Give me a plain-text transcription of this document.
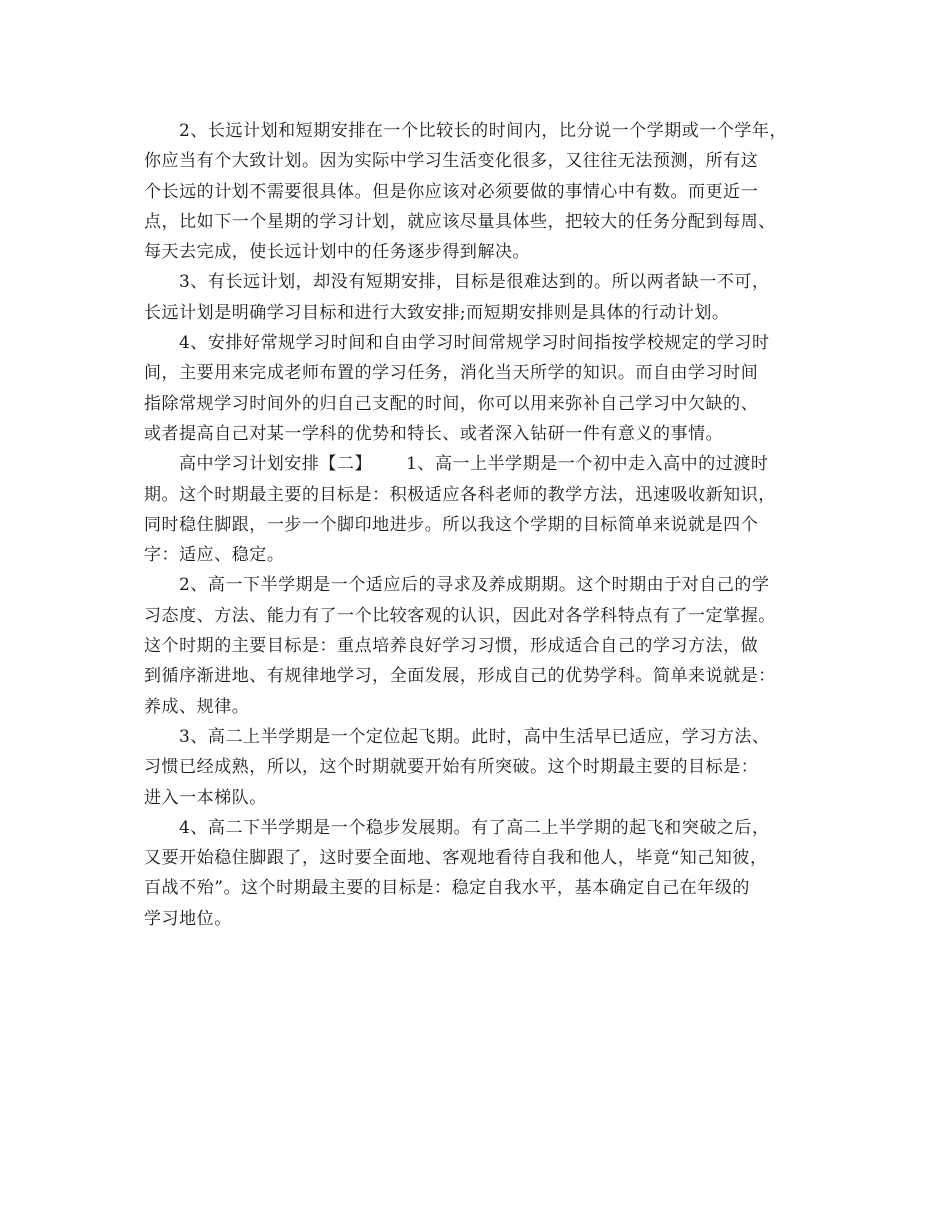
2、长远计划和短期安排在一个比较长的时间内，比分说一个学期或一个学年，
你应当有个大致计划。因为实际中学习生活变化很多，又往往无法预测，所有这
个长远的计划不需要很具体。但是你应该对必须要做的事情心中有数。而更近一
点，比如下一个星期的学习计划，就应该尽量具体些，把较大的任务分配到每周、
每天去完成，使长远计划中的任务逐步得到解决。
3、有长远计划，却没有短期安排，目标是很难达到的。所以两者缺一不可，
长远计划是明确学习目标和进行大致安排;而短期安排则是具体的行动计划。
4、安排好常规学习时间和自由学习时间常规学习时间指按学校规定的学习时
间，主要用来完成老师布置的学习任务，消化当天所学的知识。而自由学习时间
指除常规学习时间外的归自己支配的时间，你可以用来弥补自己学习中欠缺的、
或者提高自己对某一学科的优势和特长、或者深入钻研一件有意义的事情。
高中学习计划安排【二】 1、高一上半学期是一个初中走入高中的过渡时
期。这个时期最主要的目标是：积极适应各科老师的教学方法，迅速吸收新知识，
同时稳住脚跟，一步一个脚印地进步。所以我这个学期的目标简单来说就是四个
字：适应、稳定。
2、高一下半学期是一个适应后的寻求及养成期期。这个时期由于对自己的学
习态度、方法、能力有了一个比较客观的认识，因此对各学科特点有了一定掌握。
这个时期的主要目标是：重点培养良好学习习惯，形成适合自己的学习方法，做
到循序渐进地、有规律地学习，全面发展，形成自己的优势学科。简单来说就是：
养成、规律。
3、高二上半学期是一个定位起飞期。此时，高中生活早已适应，学习方法、
习惯已经成熟，所以，这个时期就要开始有所突破。这个时期最主要的目标是：
进入一本梯队。
4、高二下半学期是一个稳步发展期。有了高二上半学期的起飞和突破之后，
又要开始稳住脚跟了，这时要全面地、客观地看待自我和他人，毕竟“知己知彼，
百战不殆”。这个时期最主要的目标是：稳定自我水平，基本确定自己在年级的
学习地位。
